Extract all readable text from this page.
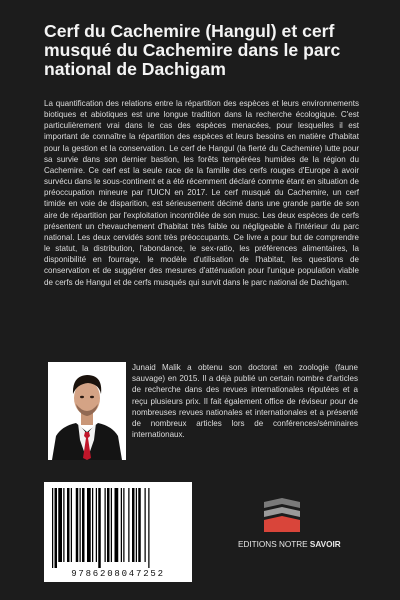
Cerf du Cachemire (Hangul) et cerf musqué du Cachemire dans le parc national de Dachigam

La quantification des relations entre la répartition des espèces et leurs environnements biotiques et abiotiques est une longue tradition dans la recherche écologique. C'est particulièrement vrai dans le cas des espèces menacées, pour lesquelles il est important de connaître la répartition des espèces et leurs besoins en matière d'habitat pour la gestion et la conservation. Le cerf de Hangul (la fierté du Cachemire) lutte pour sa survie dans son dernier bastion, les forêts tempérées humides de la région du Cachemire. Ce cerf est la seule race de la famille des cerfs rouges d'Europe à avoir survécu dans le sous-continent et a été récemment déclaré comme étant en situation de préoccupation mineure par l'UICN en 2017. Le cerf musqué du Cachemire, un cerf timide en voie de disparition, est sérieusement décimé dans une grande partie de son aire de répartition par l'exploitation incontrôlée de son musc. Les deux espèces de cerfs présentent un chevauchement d'habitat très faible ou négligeable à l'intérieur du parc national. Les deux cervidés sont très préoccupants. Ce livre a pour but de comprendre le statut, la distribution, l'abondance, le sex-ratio, les préférences alimentaires, la disponibilité en fourrage, le modèle d'utilisation de l'habitat, les questions de conservation et de suggérer des mesures d'atténuation pour l'unique population viable de cerfs de Hangul et de cerfs musqués qui survit dans le parc national de Dachigam.

Junaid Malik a obtenu son doctorat en zoologie (faune sauvage) en 2015. Il a déjà publié un certain nombre d'articles de recherche dans des revues internationales réputées et a reçu plusieurs prix. Il fait également office de réviseur pour de nombreuses revues nationales et internationales et a présenté de nombreux articles lors de conférences/séminaires internationaux.

9786208047252
EDITIONS NOTRE SAVOIR
